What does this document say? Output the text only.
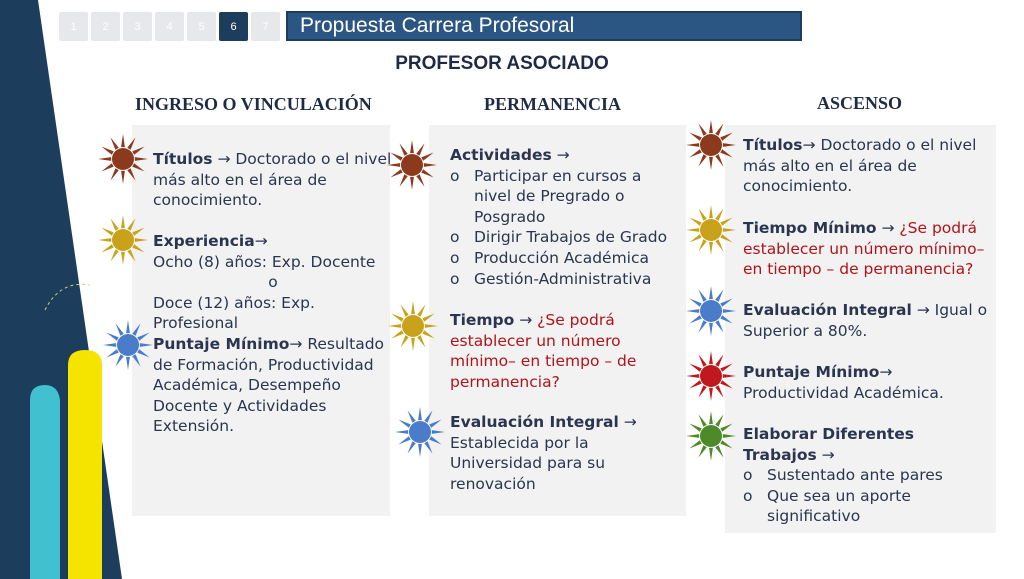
1	2	3	4	5	6	7	Propuesta Carrera Profesoral
PROFESOR ASOCIADO
INGRESO O VINCULACIÓN	PERMANENCIA	ASCENSO
Títulos → Doctorado o el nivel más alto en el área de conocimiento.
Experiencia→
Ocho (8) años: Exp. Docente
o
Doce (12) años: Exp. Profesional
Puntaje Mínimo→ Resultado de Formación, Productividad Académica, Desempeño Docente y Actividades Extensión.
Actividades →
o Participar en cursos a nivel de Pregrado o Posgrado
o Dirigir Trabajos de Grado
o Producción Académica
o Gestión-Administrativa
Tiempo → ¿Se podrá establecer un número mínimo– en tiempo – de permanencia?
Evaluación Integral →
Establecida por la Universidad para su renovación
Títulos→ Doctorado o el nivel más alto en el área de conocimiento.
Tiempo Mínimo → ¿Se podrá establecer un número mínimo– en tiempo – de permanencia?
Evaluación Integral → Igual o Superior a 80%.
Puntaje Mínimo→ Productividad Académica.
Elaborar Diferentes Trabajos →
o Sustentado ante pares
o Que sea un aporte significativo
